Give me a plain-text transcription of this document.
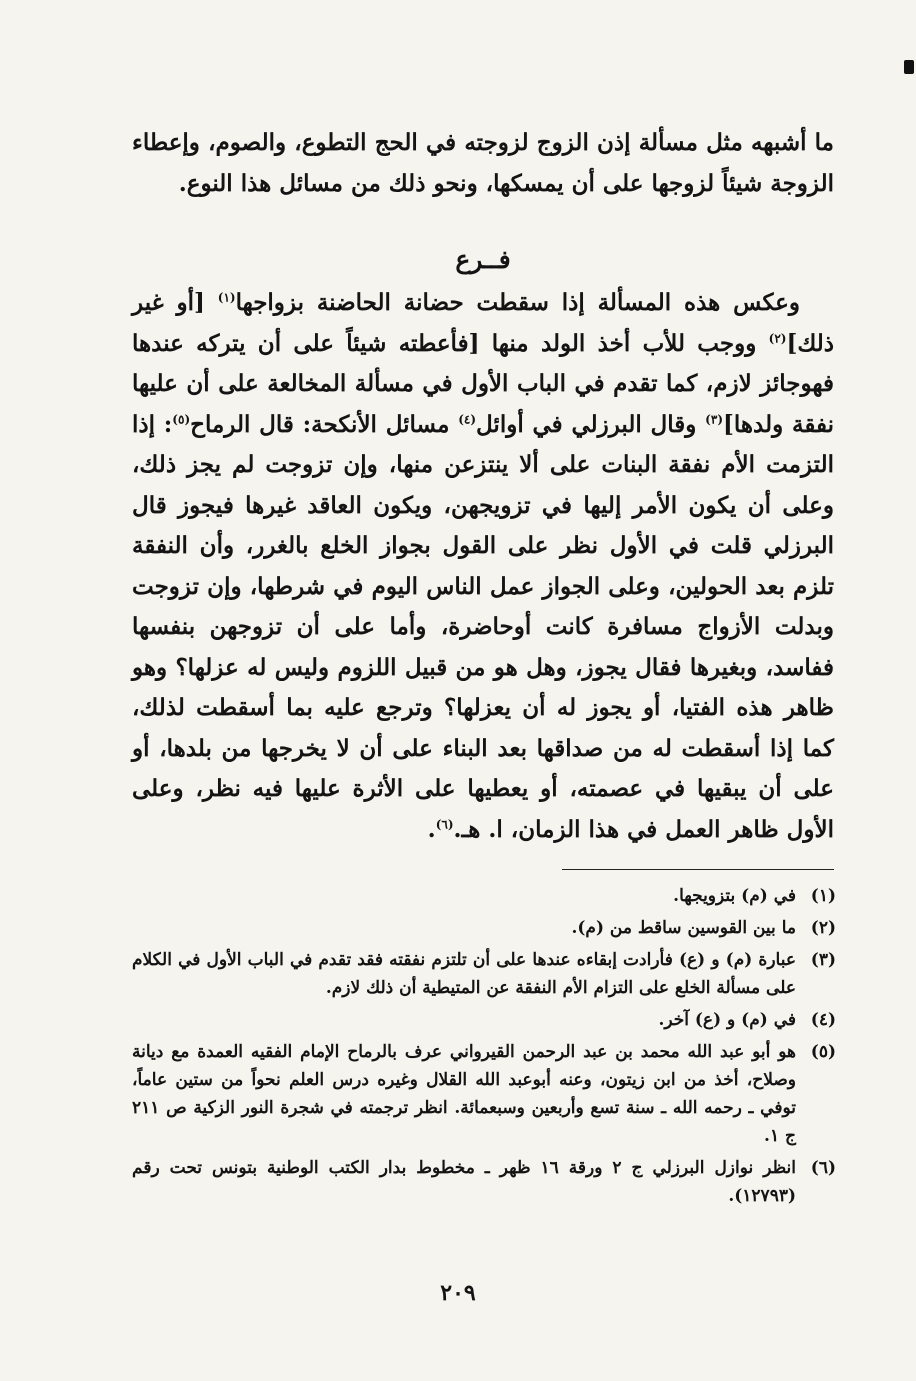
ما أشبهه مثل مسألة إذن الزوج لزوجته في الحج التطوع، والصوم، وإعطاء الزوجة شيئاً لزوجها على أن يمسكها، ونحو ذلك من مسائل هذا النوع.

فــرع

وعكس هذه المسألة إذا سقطت حضانة الحاضنة بزواجها$^{(١)}$ [أو غير ذلك]$^{(٢)}$ ووجب للأب أخذ الولد منها [فأعطته شيئاً على أن يتركه عندها فهوجائز لازم، كما تقدم في الباب الأول في مسألة المخالعة على أن عليها نفقة ولدها]$^{(٣)}$ وقال البرزلي في أوائل$^{(٤)}$ مسائل الأنكحة: قال الرماح$^{(٥)}$: إذا التزمت الأم نفقة البنات على ألا ينتزعن منها، وإن تزوجت لم يجز ذلك، وعلى أن يكون الأمر إليها في تزويجهن، ويكون العاقد غيرها فيجوز قال البرزلي قلت في الأول نظر على القول بجواز الخلع بالغرر، وأن النفقة تلزم بعد الحولين، وعلى الجواز عمل الناس اليوم في شرطها، وإن تزوجت وبدلت الأزواج مسافرة كانت أوحاضرة، وأما على أن تزوجهن بنفسها ففاسد، وبغيرها فقال يجوز، وهل هو من قبيل اللزوم وليس له عزلها؟ وهو ظاهر هذه الفتيا، أو يجوز له أن يعزلها؟ وترجع عليه بما أسقطت لذلك، كما إذا أسقطت له من صداقها بعد البناء على أن لا يخرجها من بلدها، أو على أن يبقيها في عصمته، أو يعطيها على الأثرة عليها فيه نظر، وعلى الأول ظاهر العمل في هذا الزمان، ا. هـ.$^{(٦)}$.

(١)
في (م) بتزويجها.
(٢)
ما بين القوسين ساقط من (م).
(٣)
عبارة (م) و (ع) فأرادت إبقاءه عندها على أن تلتزم نفقته فقد تقدم في الباب الأول في الكلام على مسألة الخلع على التزام الأم النفقة عن المتيطية أن ذلك لازم.
(٤)
في (م) و (ع) آخر.
(٥)
هو أبو عبد الله محمد بن عبد الرحمن القيرواني عرف بالرماح الإمام الفقيه العمدة مع ديانة وصلاح، أخذ من ابن زيتون، وعنه أبوعبد الله القلال وغيره درس العلم نحواً من ستين عاماً، توفي ـ رحمه الله ـ سنة تسع وأربعين وسبعمائة. انظر ترجمته في شجرة النور الزكية ص ٢١١ ج ١.
(٦)
انظر نوازل البرزلي ج ٢ ورقة ١٦ ظهر ـ مخطوط بدار الكتب الوطنية بتونس تحت رقم (١٢٧٩٣).
٢٠٩
